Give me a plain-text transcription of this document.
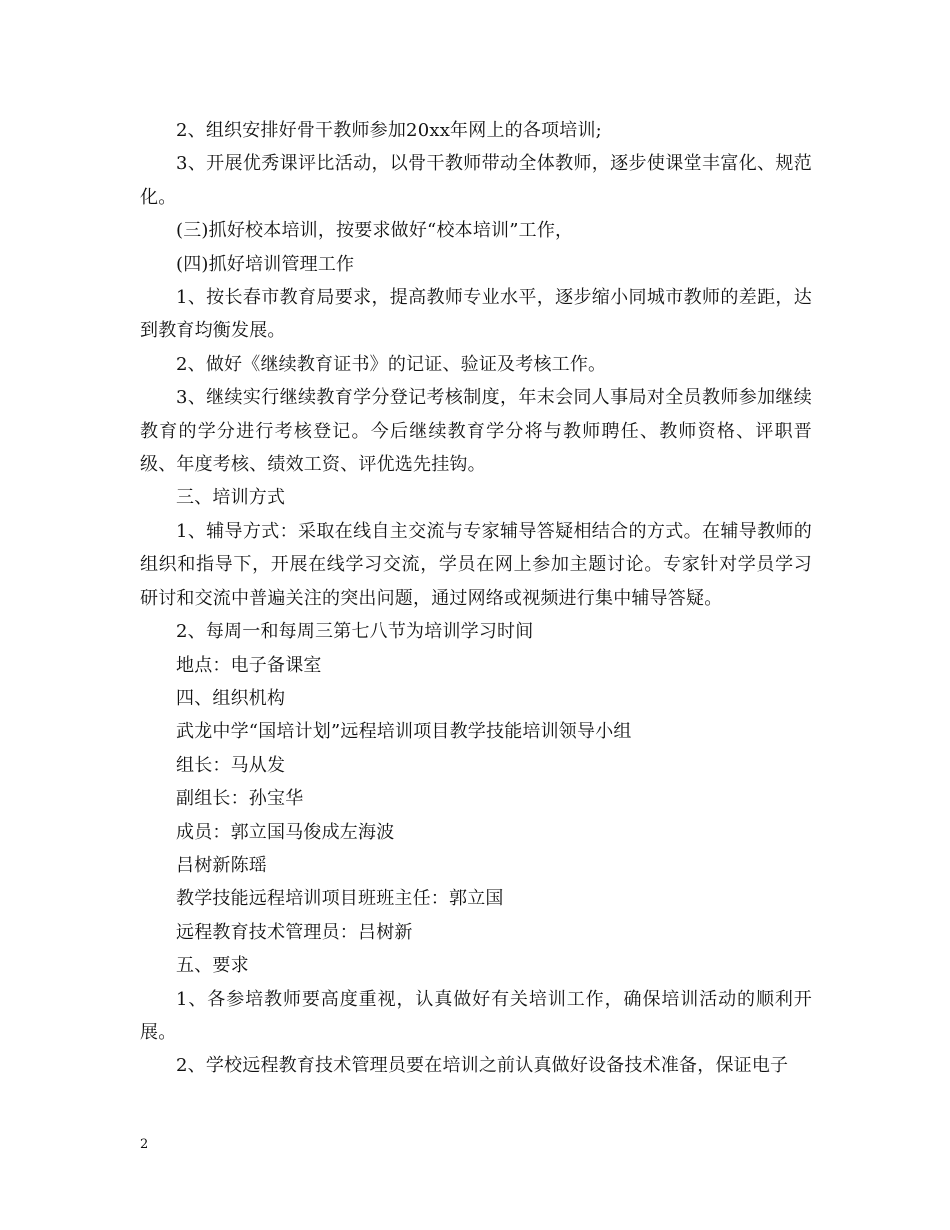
2、组织安排好骨干教师参加20xx年网上的各项培训;

3、开展优秀课评比活动，以骨干教师带动全体教师，逐步使课堂丰富化、规范化。

(三)抓好校本培训，按要求做好“校本培训”工作，

(四)抓好培训管理工作

1、按长春市教育局要求，提高教师专业水平，逐步缩小同城市教师的差距，达到教育均衡发展。

2、做好《继续教育证书》的记证、验证及考核工作。

3、继续实行继续教育学分登记考核制度，年末会同人事局对全员教师参加继续教育的学分进行考核登记。今后继续教育学分将与教师聘任、教师资格、评职晋级、年度考核、绩效工资、评优选先挂钩。

三、培训方式

1、辅导方式：采取在线自主交流与专家辅导答疑相结合的方式。在辅导教师的组织和指导下，开展在线学习交流，学员在网上参加主题讨论。专家针对学员学习研讨和交流中普遍关注的突出问题，通过网络或视频进行集中辅导答疑。

2、每周一和每周三第七八节为培训学习时间

地点：电子备课室

四、组织机构

武龙中学“国培计划”远程培训项目教学技能培训领导小组

组长：马从发

副组长：孙宝华

成员：郭立国马俊成左海波

吕树新陈瑶

教学技能远程培训项目班班主任：郭立国

远程教育技术管理员：吕树新

五、要求

1、各参培教师要高度重视，认真做好有关培训工作，确保培训活动的顺利开展。

2、学校远程教育技术管理员要在培训之前认真做好设备技术准备，保证电子

2
